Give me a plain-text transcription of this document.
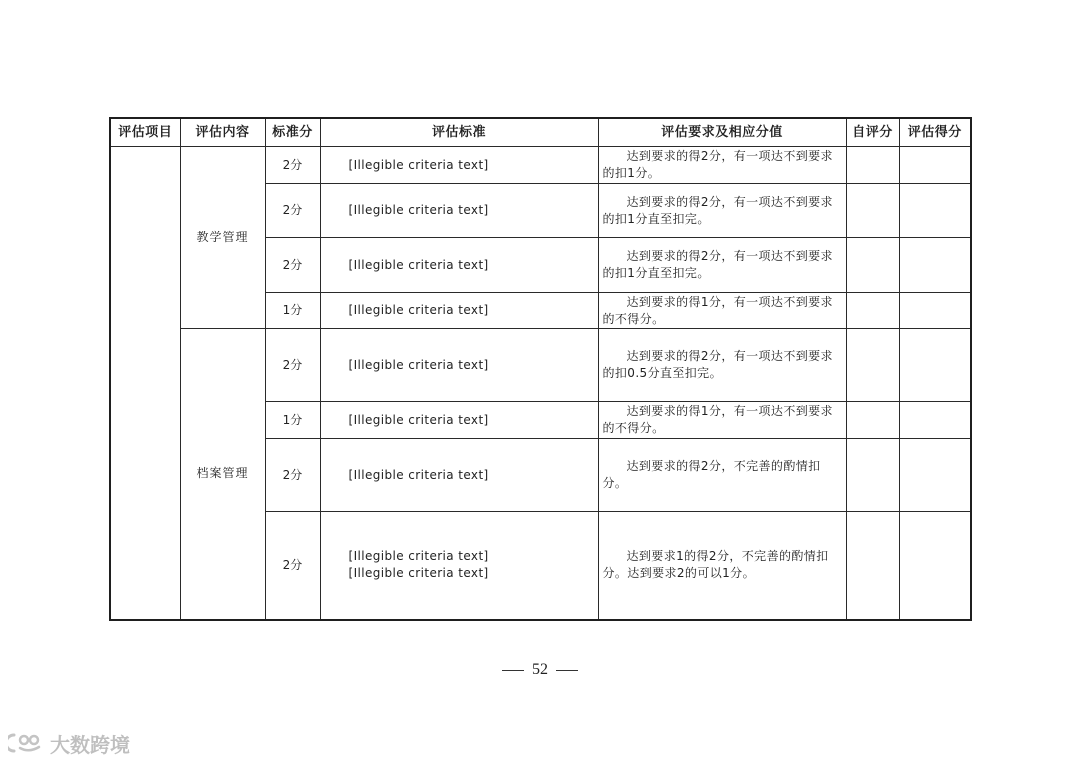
评估项目	评估内容	标准分	评估标准	评估要求及相应分值	自评分	评估得分
	教学管理	2分	[Illegible criteria text]	达到要求的得2分，有一项达不到要求的扣1分。		

		2分	[Illegible criteria text]	达到要求的得2分，有一项达不到要求的扣1分直至扣完。		

		2分	[Illegible criteria text]	达到要求的得2分，有一项达不到要求的扣1分直至扣完。		

		1分	[Illegible criteria text]	达到要求的得1分，有一项达不到要求的不得分。		

	档案管理	2分	[Illegible criteria text]	达到要求的得2分，有一项达不到要求的扣0.5分直至扣完。		

		1分	[Illegible criteria text]	达到要求的得1分，有一项达不到要求的不得分。		

		2分	[Illegible criteria text]	达到要求的得2分，不完善的酌情扣分。		

		2分	[Illegible criteria text]
[Illegible criteria text]	达到要求1的得2分，不完善的酌情扣分。达到要求2的可以1分。		

52
大数跨境
